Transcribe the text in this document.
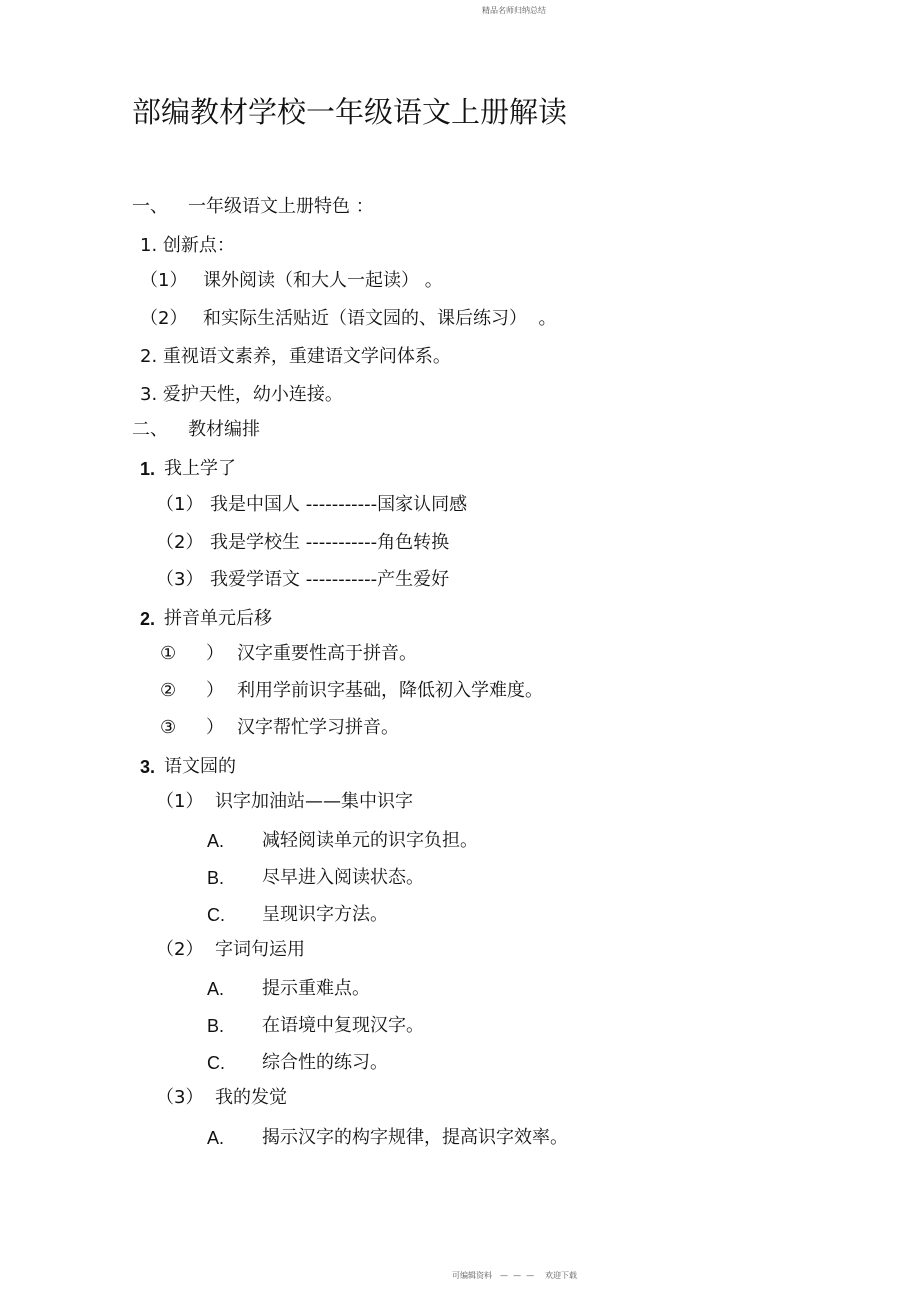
精品名师归纳总结
部编教材学校一年级语文上册解读
一、 一年级语文上册特色 ：
1. 创新点：
（1） 课外阅读（和大人一起读） 。
（2） 和实际生活贴近（语文园的、课后练习）  。
2. 重视语文素养，重建语文学问体系。
3. 爱护天性，幼小连接。
二、 教材编排
1. 我上学了
（1） 我是中国人 -----------国家认同感
（2） 我是学校生 -----------角色转换
（3） 我爱学语文 -----------产生爱好
2. 拼音单元后移
① ） 汉字重要性高于拼音。
② ） 利用学前识字基础，降低初入学难度。
③ ） 汉字帮忙学习拼音。
3. 语文园的
（1） 识字加油站——集中识字
A. 减轻阅读单元的识字负担。
B. 尽早进入阅读状态。
C. 呈现识字方法。
（2） 字词句运用
A. 提示重难点。
B. 在语境中复现汉字。
C. 综合性的练习。
（3） 我的发觉
A. 揭示汉字的构字规律，提高识字效率。
可编辑资料 —  —  — 欢迎下载
